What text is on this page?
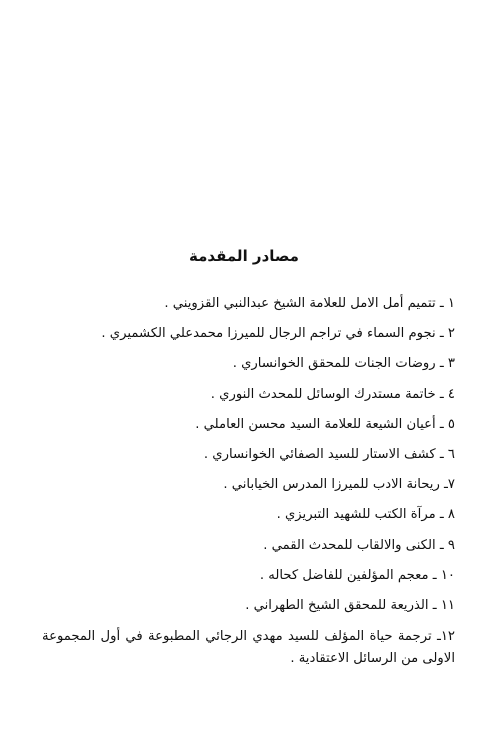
مصادر المقدمة
١ ـ تتميم أمل الامل للعلامة الشيخ عبدالنبي القزويني .
٢ ـ نجوم السماء في تراجم الرجال للميرزا محمدعلي الكشميري .
٣ ـ روضات الجنات للمحقق الخوانساري .
٤ ـ خاتمة مستدرك الوسائل للمحدث النوري .
٥ ـ أعيان الشيعة للعلامة السيد محسن العاملي .
٦ ـ كشف الاستار للسيد الصفائي الخوانساري .
٧ـ ريحانة الادب للميرزا المدرس الخياباني .
٨ ـ مرآة الكتب للشهيد التبريزي .
٩ ـ الكنى والالقاب للمحدث القمي .
١٠ ـ معجم المؤلفين للفاضل كحاله .
١١ ـ الذريعة للمحقق الشيخ الطهراني .
١٢ـ ترجمة حياة المؤلف للسيد مهدي الرجائي المطبوعة في أول المجموعة الاولى من الرسائل الاعتقادية .
